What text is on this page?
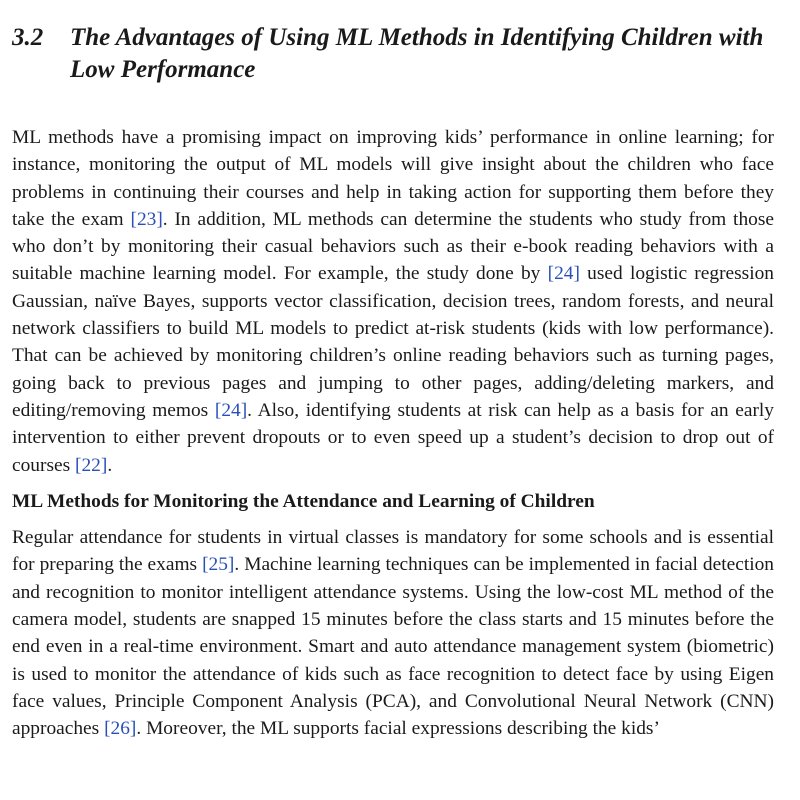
3.2	The Advantages of Using ML Methods in Identifying Children with Low Performance

ML methods have a promising impact on improving kids’ performance in online learning; for instance, monitoring the output of ML models will give insight about the children who face problems in continuing their courses and help in taking action for supporting them before they take the exam [23]. In addition, ML methods can determine the students who study from those who don’t by monitoring their casual behaviors such as their e-book reading behaviors with a suitable machine learning model. For example, the study done by [24] used logistic regression Gaussian, naïve Bayes, supports vector classification, decision trees, random forests, and neural network classifiers to build ML models to predict at-risk students (kids with low performance). That can be achieved by monitoring children’s online reading behaviors such as turning pages, going back to previous pages and jumping to other pages, adding/deleting markers, and editing/removing memos [24]. Also, identifying students at risk can help as a basis for an early intervention to either prevent dropouts or to even speed up a student’s decision to drop out of courses [22].

ML Methods for Monitoring the Attendance and Learning of Children

Regular attendance for students in virtual classes is mandatory for some schools and is essential for preparing the exams [25]. Machine learning techniques can be implemented in facial detection and recognition to monitor intelligent attendance systems. Using the low-cost ML method of the camera model, students are snapped 15 minutes before the class starts and 15 minutes before the end even in a real-time environment. Smart and auto attendance management system (biometric) is used to monitor the attendance of kids such as face recognition to detect face by using Eigen face values, Principle Component Analysis (PCA), and Convolutional Neural Network (CNN) approaches [26]. Moreover, the ML supports facial expressions describing the kids’
